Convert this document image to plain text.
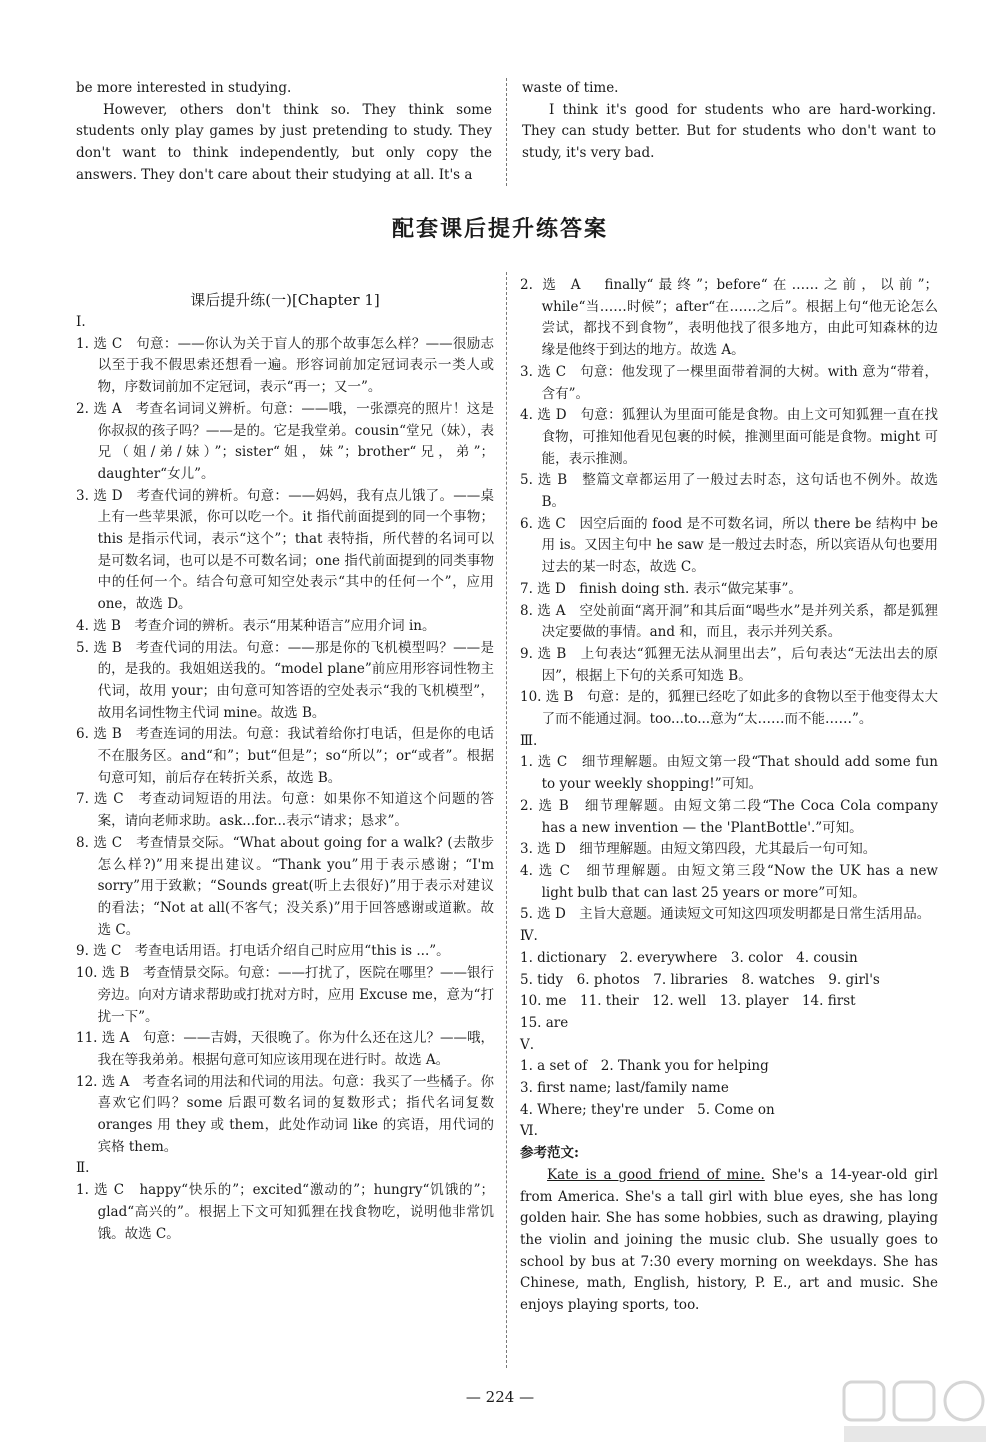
be more interested in studying.

However, others don't think so. They think some students only play games by just pretending to study. They don't want to think independently, but only copy the answers. They don't care about their studying at all. It's a

waste of time.

I think it's good for students who are hard-working. They can study better. But for students who don't want to study, it's very bad.

配套课后提升练答案

课后提升练(一)[Chapter 1]

Ⅰ.

1. 选 C　句意：——你认为关于盲人的那个故事怎么样？——很励志以至于我不假思索还想看一遍。形容词前加定冠词表示一类人或物，序数词前加不定冠词，表示“再一；又一”。

2. 选 A　考查名词词义辨析。句意：——哦，一张漂亮的照片！这是你叔叔的孩子吗？——是的。它是我堂弟。cousin“堂兄（妹），表兄（姐/弟/妹）”；sister“姐，妹”；brother“兄，弟”；daughter“女儿”。

3. 选 D　考查代词的辨析。句意：——妈妈，我有点儿饿了。——桌上有一些苹果派，你可以吃一个。it 指代前面提到的同一个事物；this 是指示代词，表示“这个”；that 表特指，所代替的名词可以是可数名词，也可以是不可数名词；one 指代前面提到的同类事物中的任何一个。结合句意可知空处表示“其中的任何一个”，应用 one，故选 D。

4. 选 B　考查介词的辨析。表示“用某种语言”应用介词 in。

5. 选 B　考查代词的用法。句意：——那是你的飞机模型吗？——是的，是我的。我姐姐送我的。“model plane”前应用形容词性物主代词，故用 your；由句意可知答语的空处表示“我的飞机模型”，故用名词性物主代词 mine。故选 B。

6. 选 B　考查连词的用法。句意：我试着给你打电话，但是你的电话不在服务区。and“和”；but“但是”；so“所以”；or“或者”。根据句意可知，前后存在转折关系，故选 B。

7. 选 C　考查动词短语的用法。句意：如果你不知道这个问题的答案，请向老师求助。ask...for...表示“请求；恳求”。

8. 选 C　考查情景交际。“What about going for a walk? (去散步怎么样?)”用来提出建议。“Thank you”用于表示感谢；“I'm sorry”用于致歉；“Sounds great(听上去很好)”用于表示对建议的看法；“Not at all(不客气；没关系)”用于回答感谢或道歉。故选 C。

9. 选 C　考查电话用语。打电话介绍自己时应用“this is ...”。

10. 选 B　考查情景交际。句意：——打扰了，医院在哪里？——银行旁边。向对方请求帮助或打扰对方时，应用 Excuse me，意为“打扰一下”。

11. 选 A　句意：——吉姆，天很晚了。你为什么还在这儿？——哦，我在等我弟弟。根据句意可知应该用现在进行时。故选 A。

12. 选 A　考查名词的用法和代词的用法。句意：我买了一些橘子。你喜欢它们吗？some 后跟可数名词的复数形式；指代名词复数 oranges 用 they 或 them，此处作动词 like 的宾语，用代词的宾格 them。

Ⅱ.

1. 选 C　happy“快乐的”；excited“激动的”；hungry“饥饿的”；glad“高兴的”。根据上下文可知狐狸在找食物吃，说明他非常饥饿。故选 C。

2. 选 A　finally“最终”；before“在……之前，以前”；while“当……时候”；after“在……之后”。根据上句“他无论怎么尝试，都找不到食物”，表明他找了很多地方，由此可知森林的边缘是他终于到达的地方。故选 A。

3. 选 C　句意：他发现了一棵里面带着洞的大树。with 意为“带着，含有”。

4. 选 D　句意：狐狸认为里面可能是食物。由上文可知狐狸一直在找食物，可推知他看见包裹的时候，推测里面可能是食物。might 可能，表示推测。

5. 选 B　整篇文章都运用了一般过去时态，这句话也不例外。故选 B。

6. 选 C　因空后面的 food 是不可数名词，所以 there be 结构中 be 用 is。又因主句中 he saw 是一般过去时态，所以宾语从句也要用过去的某一时态，故选 C。

7. 选 D　finish doing sth. 表示“做完某事”。

8. 选 A　空处前面“离开洞”和其后面“喝些水”是并列关系，都是狐狸决定要做的事情。and 和，而且，表示并列关系。

9. 选 B　上句表达“狐狸无法从洞里出去”，后句表达“无法出去的原因”，根据上下句的关系可知选 B。

10. 选 B　句意：是的，狐狸已经吃了如此多的食物以至于他变得太大了而不能通过洞。too...to...意为“太……而不能……”。

Ⅲ.

1. 选 C　细节理解题。由短文第一段“That should add some fun to your weekly shopping!”可知。

2. 选 B　细节理解题。由短文第二段“The Coca Cola company has a new invention — the 'PlantBottle'.”可知。

3. 选 D　细节理解题。由短文第四段，尤其最后一句可知。

4. 选 C　细节理解题。由短文第三段“Now the UK has a new light bulb that can last 25 years or more”可知。

5. 选 D　主旨大意题。通读短文可知这四项发明都是日常生活用品。

Ⅳ.

1. dictionary　2. everywhere　3. color　4. cousin

5. tidy　6. photos　7. libraries　8. watches　9. girl's

10. me　11. their　12. well　13. player　14. first

15. are

Ⅴ.

1. a set of　2. Thank you for helping

3. first name; last/family name

4. Where; they're under　5. Come on

Ⅵ.

参考范文:

Kate is a good friend of mine. She's a 14-year-old girl from America. She's a tall girl with blue eyes, she has long golden hair. She has some hobbies, such as drawing, playing the violin and joining the music club. She usually goes to school by bus at 7:30 every morning on weekdays. She has Chinese, math, English, history, P. E., art and music. She enjoys playing sports, too.

— 224 —
